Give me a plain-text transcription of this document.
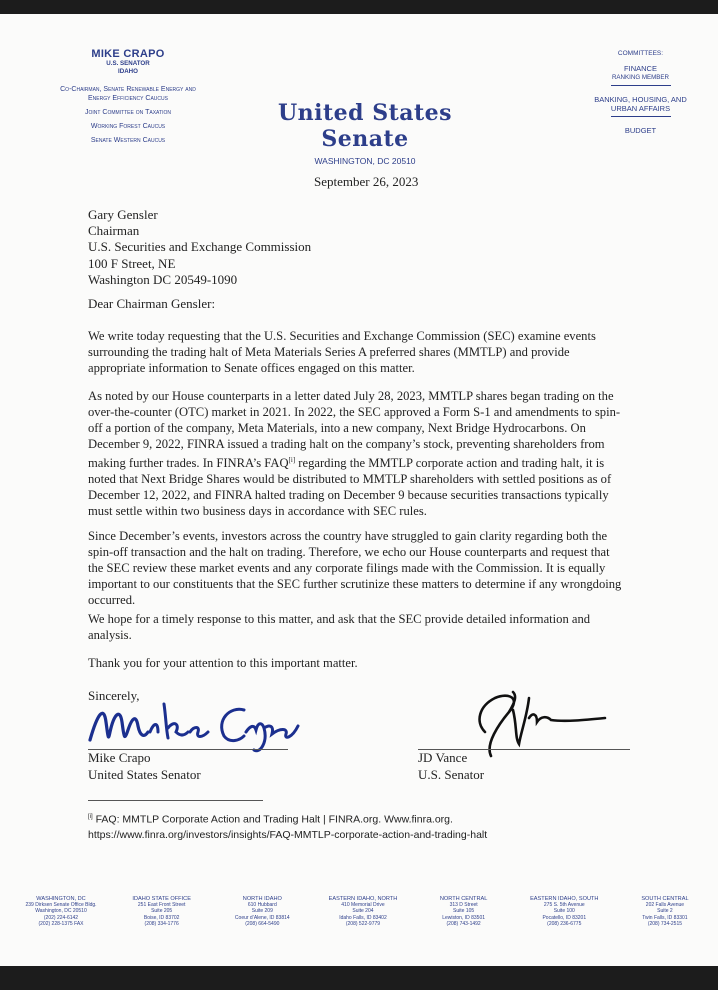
MIKE CRAPO
U.S. SENATOR
IDAHO
Co-Chairman, Senate Renewable Energy and
Energy Efficiency Caucus
Joint Committee on Taxation
Working Forest Caucus
Senate Western Caucus
United States Senate
WASHINGTON, DC 20510
COMMITTEES:
FINANCE
RANKING MEMBER
BANKING, HOUSING, AND
URBAN AFFAIRS
BUDGET
September 26, 2023
Gary Gensler
Chairman
U.S. Securities and Exchange Commission
100 F Street, NE
Washington DC 20549-1090
Dear Chairman Gensler:
We write today requesting that the U.S. Securities and Exchange Commission (SEC) examine events
surrounding the trading halt of Meta Materials Series A preferred shares (MMTLP) and provide
appropriate information to Senate offices engaged on this matter.
As noted by our House counterparts in a letter dated July 28, 2023, MMTLP shares began trading on the
over-the-counter (OTC) market in 2021. In 2022, the SEC approved a Form S-1 and amendments to spin-
off a portion of the company, Meta Materials, into a new company, Next Bridge Hydrocarbons. On
December 9, 2022, FINRA issued a trading halt on the company’s stock, preventing shareholders from
making further trades. In FINRA’s FAQ[i] regarding the MMTLP corporate action and trading halt, it is
noted that Next Bridge Shares would be distributed to MMTLP shareholders with settled positions as of
December 12, 2022, and FINRA halted trading on December 9 because securities transactions typically
must settle within two business days in accordance with SEC rules.
Since December’s events, investors across the country have struggled to gain clarity regarding both the
spin-off transaction and the halt on trading. Therefore, we echo our House counterparts and request that
the SEC review these market events and any corporate filings made with the Commission. It is equally
important to our constituents that the SEC further scrutinize these matters to determine if any wrongdoing
occurred.
We hope for a timely response to this matter, and ask that the SEC provide detailed information and
analysis.
Thank you for your attention to this important matter.
Sincerely,
Mike Crapo
United States Senator
JD Vance
U.S. Senator
[i] FAQ: MMTLP Corporate Action and Trading Halt | FINRA.org. Www.finra.org.
https://www.finra.org/investors/insights/FAQ-MMTLP-corporate-action-and-trading-halt
WASHINGTON, DC
239 Dirksen Senate Office Bldg.
Washington, DC 20510
(202) 224-6142
(202) 228-1375 FAX
IDAHO STATE OFFICE
251 East Front Street
Suite 205
Boise, ID 83702
(208) 334-1776
NORTH IDAHO
610 Hubbard
Suite 209
Coeur d’Alene, ID 83814
(208) 664-5490
EASTERN IDAHO, NORTH
410 Memorial Drive
Suite 204
Idaho Falls, ID 83402
(208) 522-9779
NORTH CENTRAL
313 D Street
Suite 105
Lewiston, ID 83501
(208) 743-1492
EASTERN IDAHO, SOUTH
275 S. 5th Avenue
Suite 100
Pocatello, ID 83201
(208) 236-6775
SOUTH CENTRAL
202 Falls Avenue
Suite 2
Twin Falls, ID 83301
(208) 734-2515
